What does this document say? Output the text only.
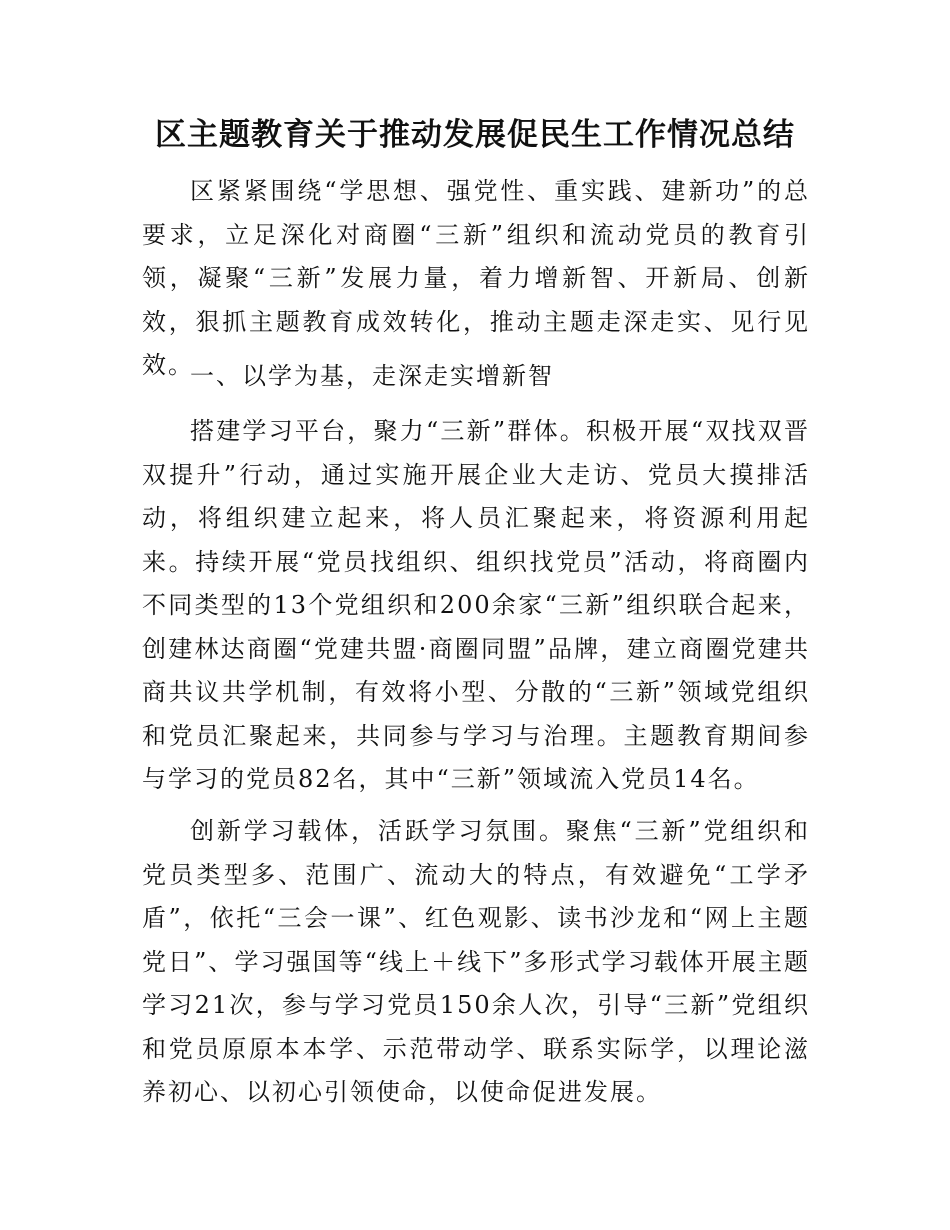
区主题教育关于推动发展促民生工作情况总结

区紧紧围绕“学思想、强党性、重实践、建新功”的总要求，立足深化对商圈“三新”组织和流动党员的教育引领，凝聚“三新”发展力量，着力增新智、开新局、创新效，狠抓主题教育成效转化，推动主题走深走实、见行见效。

一、以学为基，走深走实增新智

搭建学习平台，聚力“三新”群体。积极开展“双找双晋双提升”行动，通过实施开展企业大走访、党员大摸排活动，将组织建立起来，将人员汇聚起来，将资源利用起来。持续开展“党员找组织、组织找党员”活动，将商圈内不同类型的13个党组织和200余家“三新”组织联合起来，创建林达商圈“党建共盟·商圈同盟”品牌，建立商圈党建共商共议共学机制，有效将小型、分散的“三新”领域党组织和党员汇聚起来，共同参与学习与治理。主题教育期间参与学习的党员82名，其中“三新”领域流入党员14名。

创新学习载体，活跃学习氛围。聚焦“三新”党组织和党员类型多、范围广、流动大的特点，有效避免“工学矛盾”，依托“三会一课”、红色观影、读书沙龙和“网上主题党日”、学习强国等“线上＋线下”多形式学习载体开展主题学习21次，参与学习党员150余人次，引导“三新”党组织和党员原原本本学、示范带动学、联系实际学，以理论滋养初心、以初心引领使命，以使命促进发展。
